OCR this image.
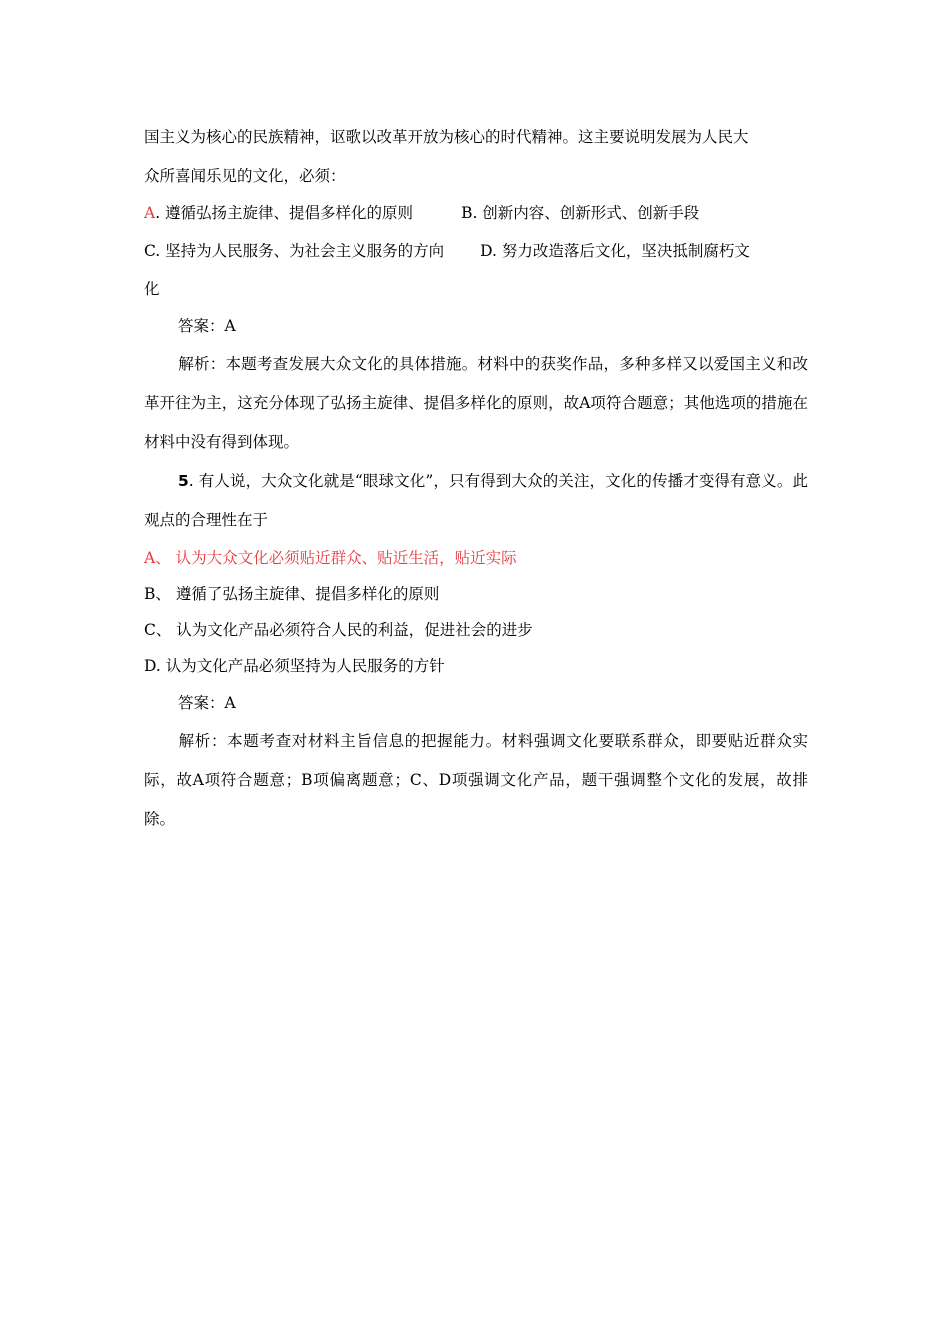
国主义为核心的民族精神，讴歌以改革开放为核心的时代精神。这主要说明发展为人民大
众所喜闻乐见的文化，必须：
A. 遵循弘扬主旋律、提倡多样化的原则	B. 创新内容、创新形式、创新手段
C. 坚持为人民服务、为社会主义服务的方向 D. 努力改造落后文化，坚决抵制腐朽文
化
答案：A
解析：本题考查发展大众文化的具体措施。材料中的获奖作品，多种多样又以爱国主义和改革开往为主，这充分体现了弘扬主旋律、提倡多样化的原则，故A项符合题意；其他选项的措施在材料中没有得到体现。
5. 有人说，大众文化就是“眼球文化”，只有得到大众的关注，文化的传播才变得有意义。此观点的合理性在于
A、 认为大众文化必须贴近群众、贴近生活，贴近实际
B、 遵循了弘扬主旋律、提倡多样化的原则
C、 认为文化产品必须符合人民的利益，促进社会的进步
D. 认为文化产品必须坚持为人民服务的方针
答案：A
解析：本题考查对材料主旨信息的把握能力。材料强调文化要联系群众，即要贴近群众实际，故A项符合题意；B项偏离题意；C、D项强调文化产品，题干强调整个文化的发展，故排除。
